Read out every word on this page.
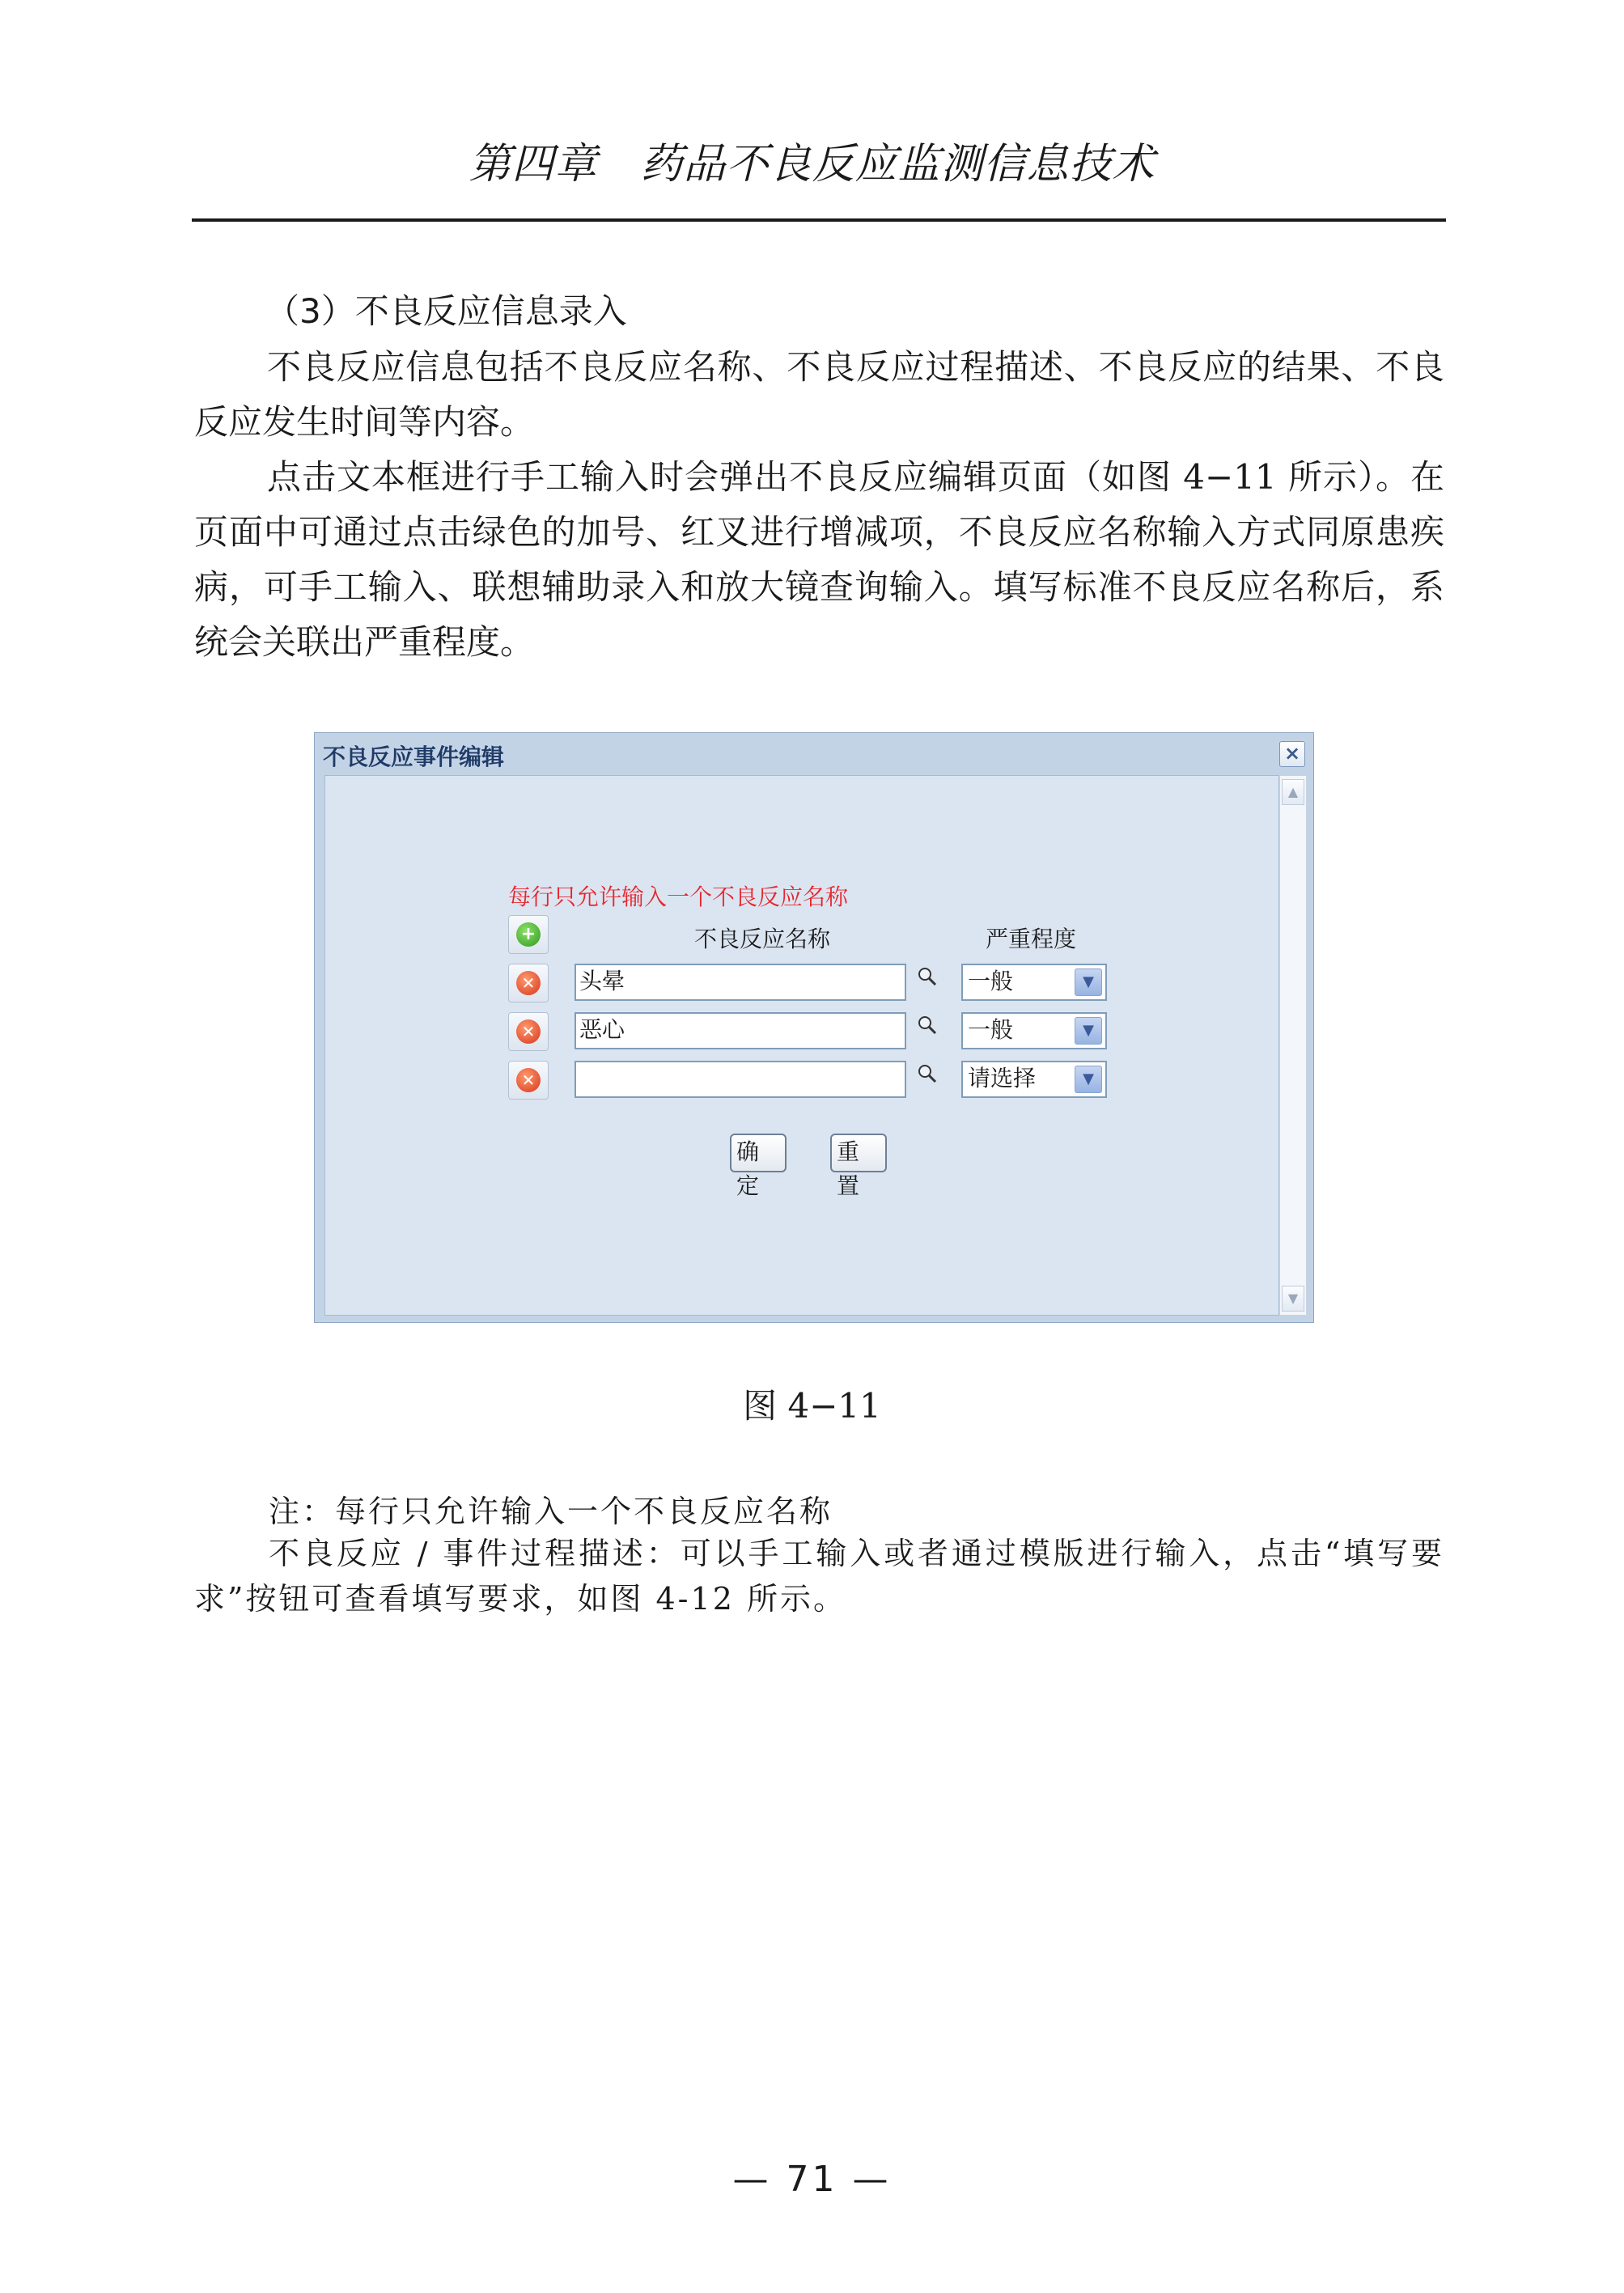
第四章　药品不良反应监测信息技术
（3）不良反应信息录入

不良反应信息包括不良反应名称、不良反应过程描述、不良反应的结果、不良反应发生时间等内容。

点击文本框进行手工输入时会弹出不良反应编辑页面（如图 4−11 所示）。在页面中可通过点击绿色的加号、红叉进行增减项，不良反应名称输入方式同原患疾病，可手工输入、联想辅助录入和放大镜查询输入。填写标准不良反应名称后，系统会关联出严重程度。

不良反应事件编辑	×
每行只允许输入一个不良反应名称
+	不良反应名称	严重程度
✕ 头晕	一般	▼
✕ 恶心	一般	▼
✕	请选择	▼
确定
重置
▲
▼
图 4−11

注：每行只允许输入一个不良反应名称

不良反应 / 事件过程描述：可以手工输入或者通过模版进行输入，点击“填写要求”按钮可查看填写要求，如图 4-12 所示。

— 71 —
